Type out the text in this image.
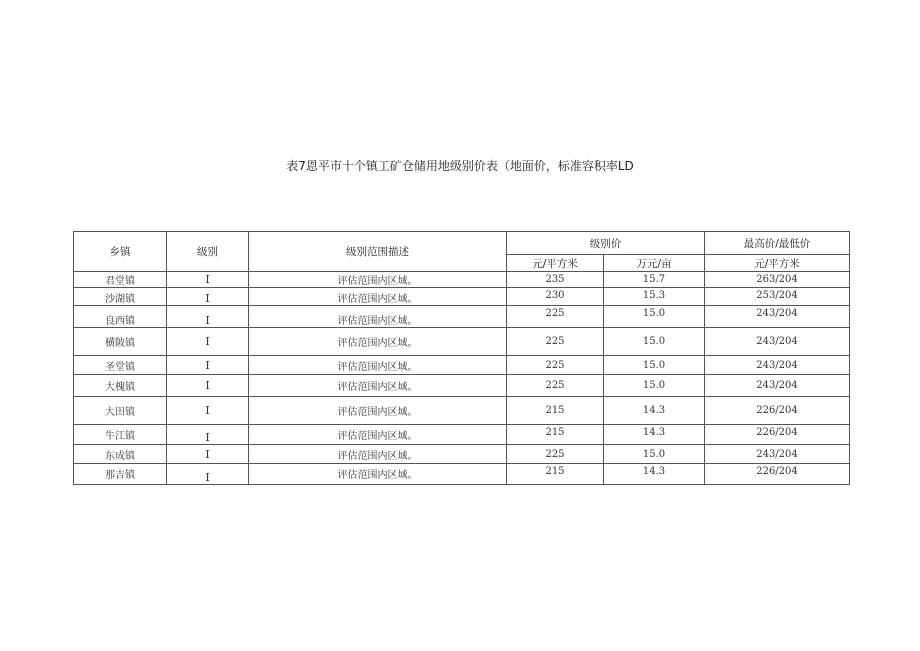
表7恩平市十个镇工矿仓储用地级别价表（地面价，标准容积率LD
乡镇	级别	级别范围描述	级别价		最高价/最低价
			元/平方米	万元/亩	元/平方米
君堂镇	I	评估范围内区域。	235	15.7	263/204
沙湖镇	I	评估范围内区域。	230	15.3	253/204
良西镇	I	评估范围内区域。	225	15.0	243/204
横陂镇	I	评估范围内区域。	225	15.0	243/204
圣堂镇	I	评估范围内区域。	225	15.0	243/204
大槐镇	I	评估范围内区域。	225	15.0	243/204
大田镇	I	评估范围内区域。	215	14.3	226/204
牛江镇	I	评估范围内区域。	215	14.3	226/204
东成镇	I	评估范围内区域。	225	15.0	243/204
那吉镇	I	评估范围内区域。	215	14.3	226/204
